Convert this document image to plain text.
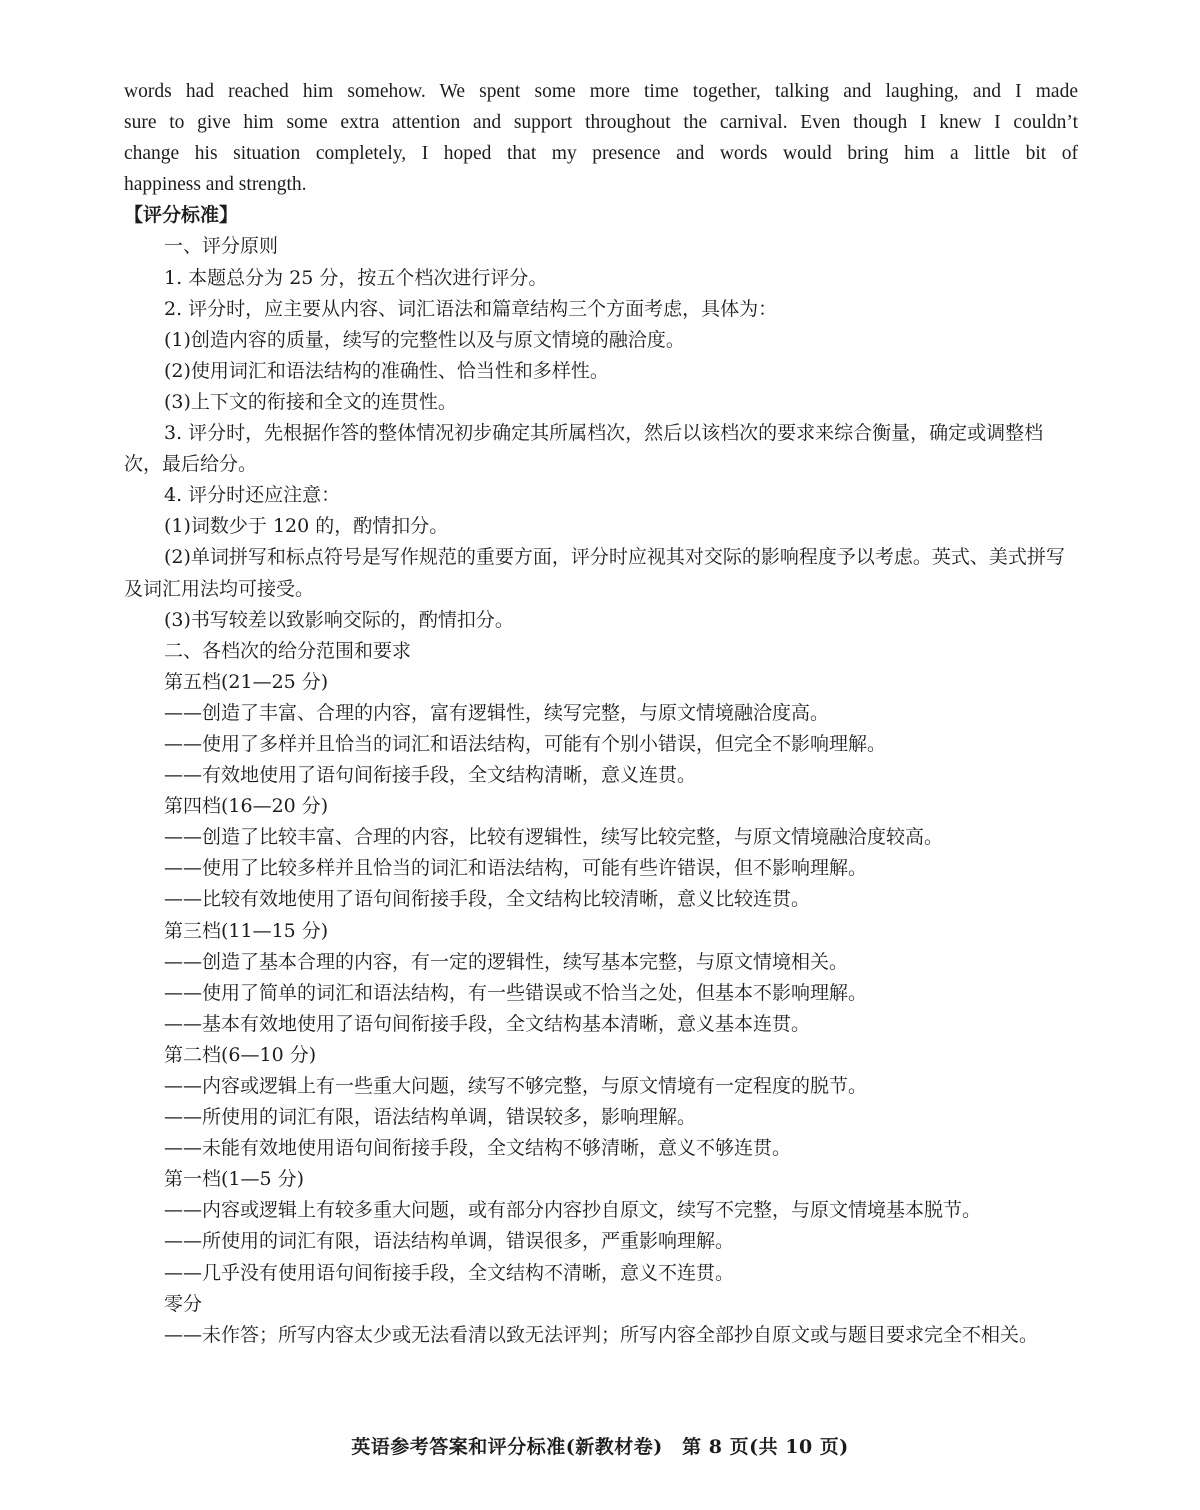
words had reached him somehow. We spent some more time together, talking and laughing, and I made
sure to give him some extra attention and support throughout the carnival. Even though I knew I couldn’t
change his situation completely, I hoped that my presence and words would bring him a little bit of
happiness and strength.
【评分标准】
一、评分原则
1. 本题总分为 25 分，按五个档次进行评分。
2. 评分时，应主要从内容、词汇语法和篇章结构三个方面考虑，具体为：
(1)创造内容的质量，续写的完整性以及与原文情境的融洽度。
(2)使用词汇和语法结构的准确性、恰当性和多样性。
(3)上下文的衔接和全文的连贯性。
3. 评分时，先根据作答的整体情况初步确定其所属档次，然后以该档次的要求来综合衡量，确定或调整档次，最后给分。
4. 评分时还应注意：
(1)词数少于 120 的，酌情扣分。
(2)单词拼写和标点符号是写作规范的重要方面，评分时应视其对交际的影响程度予以考虑。英式、美式拼写及词汇用法均可接受。
(3)书写较差以致影响交际的，酌情扣分。
二、各档次的给分范围和要求
第五档(21—25 分)
——创造了丰富、合理的内容，富有逻辑性，续写完整，与原文情境融洽度高。
——使用了多样并且恰当的词汇和语法结构，可能有个别小错误，但完全不影响理解。
——有效地使用了语句间衔接手段，全文结构清晰，意义连贯。
第四档(16—20 分)
——创造了比较丰富、合理的内容，比较有逻辑性，续写比较完整，与原文情境融洽度较高。
——使用了比较多样并且恰当的词汇和语法结构，可能有些许错误，但不影响理解。
——比较有效地使用了语句间衔接手段，全文结构比较清晰，意义比较连贯。
第三档(11—15 分)
——创造了基本合理的内容，有一定的逻辑性，续写基本完整，与原文情境相关。
——使用了简单的词汇和语法结构，有一些错误或不恰当之处，但基本不影响理解。
——基本有效地使用了语句间衔接手段，全文结构基本清晰，意义基本连贯。
第二档(6—10 分)
——内容或逻辑上有一些重大问题，续写不够完整，与原文情境有一定程度的脱节。
——所使用的词汇有限，语法结构单调，错误较多，影响理解。
——未能有效地使用语句间衔接手段，全文结构不够清晰，意义不够连贯。
第一档(1—5 分)
——内容或逻辑上有较多重大问题，或有部分内容抄自原文，续写不完整，与原文情境基本脱节。
——所使用的词汇有限，语法结构单调，错误很多，严重影响理解。
——几乎没有使用语句间衔接手段，全文结构不清晰，意义不连贯。
零分
——未作答；所写内容太少或无法看清以致无法评判；所写内容全部抄自原文或与题目要求完全不相关。
英语参考答案和评分标准(新教材卷)　第 8 页(共 10 页)
